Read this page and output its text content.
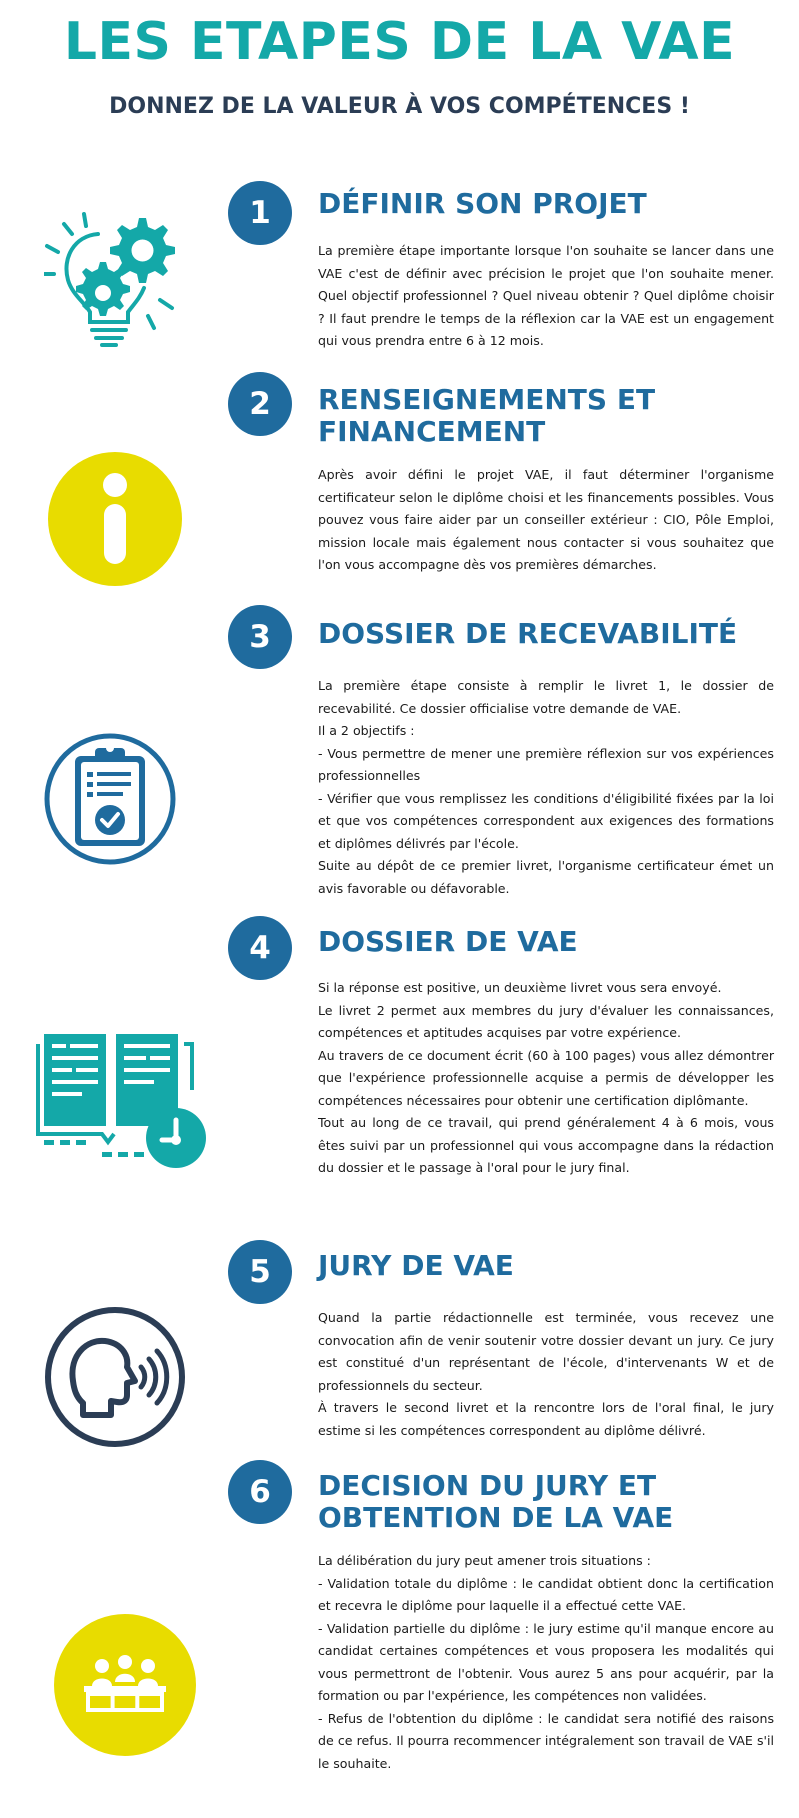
LES ETAPES DE LA VAE
DONNEZ DE LA VALEUR À VOS COMPÉTENCES !
1	DÉFINIR SON PROJET
La première étape importante lorsque l'on souhaite se lancer dans une VAE c'est de définir avec précision le projet que l'on souhaite mener. Quel objectif professionnel ? Quel niveau obtenir ? Quel diplôme choisir ? Il faut prendre le temps de la réflexion car la VAE est un engagement qui vous prendra entre 6 à 12 mois.
2	RENSEIGNEMENTS ET FINANCEMENT
Après avoir défini le projet VAE, il faut déterminer l'organisme certificateur selon le diplôme choisi et les financements possibles. Vous pouvez vous faire aider par un conseiller extérieur : CIO, Pôle Emploi, mission locale mais également nous contacter si vous souhaitez que l'on vous accompagne dès vos premières démarches.
3	DOSSIER DE RECEVABILITÉ
La première étape consiste à remplir le livret 1, le dossier de recevabilité. Ce dossier officialise votre demande de VAE.
Il a 2 objectifs :
- Vous permettre de mener une première réflexion sur vos expériences professionnelles
- Vérifier que vous remplissez les conditions d'éligibilité fixées par la loi et que vos compétences correspondent aux exigences des formations et diplômes délivrés par l'école.
Suite au dépôt de ce premier livret, l'organisme certificateur émet un avis favorable ou défavorable.
4	DOSSIER DE VAE
Si la réponse est positive, un deuxième livret vous sera envoyé.
Le livret 2 permet aux membres du jury d'évaluer les connaissances, compétences et aptitudes acquises par votre expérience.
Au travers de ce document écrit (60 à 100 pages) vous allez démontrer que l'expérience professionnelle acquise a permis de développer les compétences nécessaires pour obtenir une certification diplômante.
Tout au long de ce travail, qui prend généralement 4 à 6 mois, vous êtes suivi par un professionnel qui vous accompagne dans la rédaction du dossier et le passage à l'oral pour le jury final.
5	JURY DE VAE
Quand la partie rédactionnelle est terminée, vous recevez une convocation afin de venir soutenir votre dossier devant un jury. Ce jury est constitué d'un représentant de l'école, d'intervenants W et de professionnels du secteur.
À travers le second livret et la rencontre lors de l'oral final, le jury estime si les compétences correspondent au diplôme délivré.
6	DECISION DU JURY ET OBTENTION DE LA VAE
La délibération du jury peut amener trois situations :
- Validation totale du diplôme : le candidat obtient donc la certification et recevra le diplôme pour laquelle il a effectué cette VAE.
- Validation partielle du diplôme : le jury estime qu'il manque encore au candidat certaines compétences et vous proposera les modalités qui vous permettront de l'obtenir. Vous aurez 5 ans pour acquérir, par la formation ou par l'expérience, les compétences non validées.
- Refus de l'obtention du diplôme : le candidat sera notifié des raisons de ce refus. Il pourra recommencer intégralement son travail de VAE s'il le souhaite.
